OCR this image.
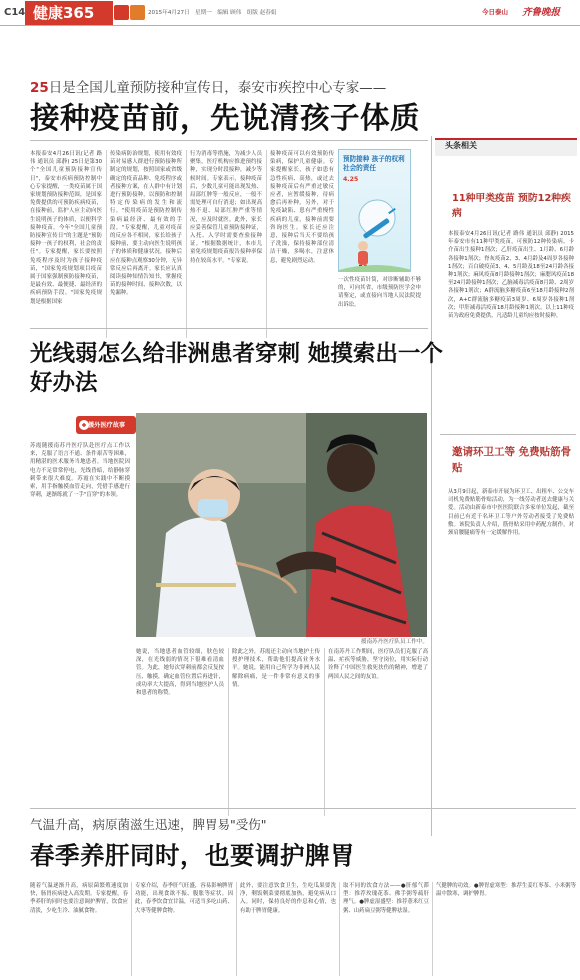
C14 健康365	2015年4月27日 星期一 编辑 顾伟 组版 赵春娟	今日泰山 齐鲁晚报
25日是全国儿童预防接种宣传日，泰安市疾控中心专家——
接种疫苗前，先说清孩子体质
本报泰安4月26日讯(记者 路伟 通讯员 邱静) 25日是第30个"全国儿童预防接种宣传日"，泰安市疾病预防控制中心专家提醒，一类疫苗属于国家规划预防接种范围，是国家免费提供的可预防疾病疫苗，在接种前，监护人应主动向医生说明孩子的体质，以便科学接种疫苗。今年"全国儿童预防接种宣传日"的主题是"预防接种一孩子的权利，社会的责任"。专家提醒，家长要按照免疫程序及时为孩子接种疫苗，"国家免疫规划项目疫苗属于国家强制预防接种疫苗，是最有效、最便捷、最经济的疾病预防手段。"国家免疫规划是根据国家
传染病防治规划，使用有效疫苗对易感人群进行预防接种所制定的规划，按照国家或省级确定的疫苗品种、免疫程序或者接种方案，在人群中有计划进行预防接种，以预防和控制特定传染病的发生和流行。"使用疫苗是预防控制传染病最经济、最有效的手段。"专家提醒，儿童对疫苗的反应各不相同，家长给孩子接种前，要主动向医生说明孩子的体质和健康状况，接种后应在接种点观察30分钟，无异常反应后再离开。家长应认真阅读接种知情告知书，掌握疫苗的接种时间、接种次数，以免漏种。
行为消毒等措施，为减少人员聚集，医疗机构应推进预约接种，实现分时段接种，减少等候时间。专家表示，接种疫苗后，少数儿童可能出现发热、局部红肿等一般反应，一般不需处理可自行消退；如出现高热不退、局部红肿严重等情况，应及时就医。此外，家长应妥善保管儿童预防接种证，入托、入学时需要查验接种证。"根据数据统计，本市儿童免疫规划疫苗报告接种率保持在较高水平。"专家说。
接种疫苗可以有效预防传染病，保护儿童健康。专家提醒家长，孩子如患有急性疾病、高热，或过去接种疫苗后有严重过敏反应者，应暂缓接种，待病愈后再补种。另外，对于免疫缺陷、患有严重慢性疾病的儿童，接种前需要咨询医生。家长还应注意，接种后当天不要给孩子洗澡，保持接种部位清洁干燥，多喝水，注意休息，避免剧烈运动。
预防接种 孩子的权利 社会的责任
4.25
一次性疫苗针筒，对诊断辅助不够的，可向其省，市级预防医学会申请鉴定，或直接向当地人民法院提出诉讼。
头条相关
11种甲类疫苗 预防12种疾病
本报泰安4月26日讯(记者 路伟 通讯员 邱静) 2015年泰安市有11种甲类疫苗，可预防12种传染病。卡介苗出生接种1剂次；乙肝疫苗出生、1月龄、6月龄各接种1剂次；脊灰疫苗2、3、4月龄及4周岁各接种1剂次；百白破疫苗3、4、5月龄及18至24月龄各接种1剂次；麻风疫苗8月龄接种1剂次；麻腮风疫苗18至24月龄接种1剂次；乙脑减毒活疫苗8月龄、2周岁各接种1剂次；A群流脑多糖疫苗6至18月龄接种2剂次，A+C群流脑多糖疫苗3周岁、6周岁各接种1剂次；甲肝减毒活疫苗18月龄接种1剂次。以上11种疫苗为政府免费提供，凡适龄儿童均应按时接种。
邀请环卫工等 免费贴筋骨贴
从3月9日起，新泰市开展为环卫工、出租车、公交车司机免费贴筋骨贴活动，为一线劳动者送去健康与关爱。活动由新泰市中医医院联合多家单位发起，截至目前已有近千名环卫工等户外劳动者接受了免费贴敷。该院负责人介绍，筋骨贴采用中药配方制作，对颈肩腰腿痛等有一定缓解作用。
光线弱怎么给非洲患者穿刺 她摸索出一个好办法
援外医疗故事
苏霞随援南苏丹医疗队赴医疗点工作以来，克服了语言不通、条件艰苦等困难，用精湛的医术服务当地患者。当地医院因电力不足常常停电，光线昏暗，给静脉穿刺带来很大难度。苏霞在实践中不断摸索，用手指触摸血管走向，凭借手感进行穿刺，逐渐练就了一手"盲穿"的本领。
援南苏丹医疗队员工作中。
她说，当地患者血管较细，肤色较深，在光线弱的情况下很难看清血管。为此，她每次穿刺前都会反复按压、触摸，确定血管位置后再进针，成功率大大提高，得到当地医护人员和患者的称赞。
除此之外，苏霞还主动向当地护士传授护理技术，帮助他们提高业务水平。她说，能用自己所学为非洲人民解除病痛，是一件非常有意义的事情。
在南苏丹工作期间，医疗队员们克服了高温、疟疾等威胁，坚守岗位，用实际行动诠释了中国医生救死扶伤的精神，增进了两国人民之间的友谊。
气温升高，病原菌滋生迅速，脾胃易"受伤"
春季养肝同时，也要调护脾胃
随着气温逐渐升高，病原菌繁殖速度加快，肠胃疾病进入高发期。专家提醒，春季养肝的同时也要注意调护脾胃，饮食应清淡，少吃生冷、油腻食物。
专家介绍，春季肝气旺盛，容易影响脾胃功能，出现食欲不振、腹胀等症状。因此，春季饮食宜甘温，可适当多吃山药、大枣等健脾食物。
此外，要注意饮食卫生，生吃瓜果要洗净，剩饭剩菜要彻底加热，避免病从口入。同时，保持良好的作息和心情，也有助于脾胃健康。
取不同的饮食方法——●肝郁气滞型：推荐玫瑰花茶、佛手粥等疏肝理气。●脾虚湿盛型：推荐薏米红豆粥、山药扁豆粥等健脾祛湿。
气健脾的功效。●脾胃虚寒型：推荐生姜红枣茶、小米粥等温中散寒，调护脾胃。
